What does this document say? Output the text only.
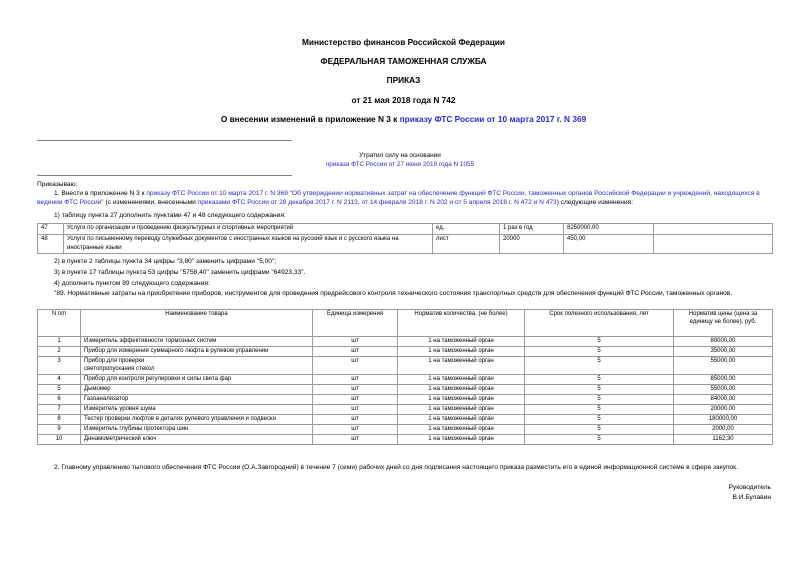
Министерство финансов Российской Федерации
ФЕДЕРАЛЬНАЯ ТАМОЖЕННАЯ СЛУЖБА
ПРИКАЗ
от 21 мая 2018 года N 742
О внесении изменений в приложение N 3 к приказу ФТС России от 10 марта 2017 г. N 369
Утратил силу на основании
приказа ФТС России от 27 июня 2019 года N 1055

Приказываю:

1. Внести в приложение N 3 к приказу ФТС России от 10 марта 2017 г. N 369 "Об утверждении нормативных затрат на обеспечение функций ФТС России, таможенных органов Российской Федерации и учреждений, находящихся в ведении ФТС России" (с изменениями, внесенными приказами ФТС России от 28 декабря 2017 г. N 2113, от 14 февраля 2018 г. N 202 и от 5 апреля 2018 г. N 472 и N 473) следующие изменения:

1) таблицу пункта 27 дополнить пунктами 47 и 48 следующего содержания:

47	Услуги по организации и проведению физкультурных и спортивных мероприятий	ед.	1 раз в год	8250000,00	
48	Услуги по письменному переводу служебных документов с иностранных языков на русский язык и с русского языка на иностранные языки	лист	20000	450,00	

2) в пункте 2 таблицы пункта 34 цифры "3,80" заменить цифрами "5,00";

3) в пункте 17 таблицы пункта 53 цифры "5758,40" заменить цифрами "64923,33".

4) дополнить пунктом 89 следующего содержания:

"89. Нормативные затраты на приобретение приборов, инструментов для проведения предрейсового контроля технического состояния транспортных средств для обеспечения функций ФТС России, таможенных органов.

N п/п	Наименование товара	Единица измерения	Норматив количества, (не более)	Срок полезного использования, лет	Норматив цены (цена за единицу не более), руб.
1	Измеритель эффективности тормозных систем	шт	1 на таможенный орган	5	80000,00
2	Прибор для измерения суммарного люфта в рулевом управлении	шт	1 на таможенный орган	5	35000,00
3	Прибор для проверки светопропускания стекол	шт	1 на таможенный орган	5	55000,00
4	Прибор для контроля регулировки и силы света фар	шт	1 на таможенный орган	5	85000,00
5	Дымомер	шт	1 на таможенный орган	5	55000,00
6	Газоанализатор	шт	1 на таможенный орган	5	84000,00
7	Измеритель уровня шума	шт	1 на таможенный орган	5	20000,00
8	Тестер проверки люфтов в деталях рулевого управления и подвески	шт	1 на таможенный орган	5	180000,00
9	Измеритель глубины протектора шин	шт	1 на таможенный орган	5	2000,00
10	Динамометрический ключ	шт	1 на таможенный орган	5	1162,30

2. Главному управлению тылового обеспечения ФТС России (О.А.Завгородний) в течение 7 (семи) рабочих дней со дня подписания настоящего приказа разместить его в единой информационной системе в сфере закупок.

Руководитель
В.И.Булавин
